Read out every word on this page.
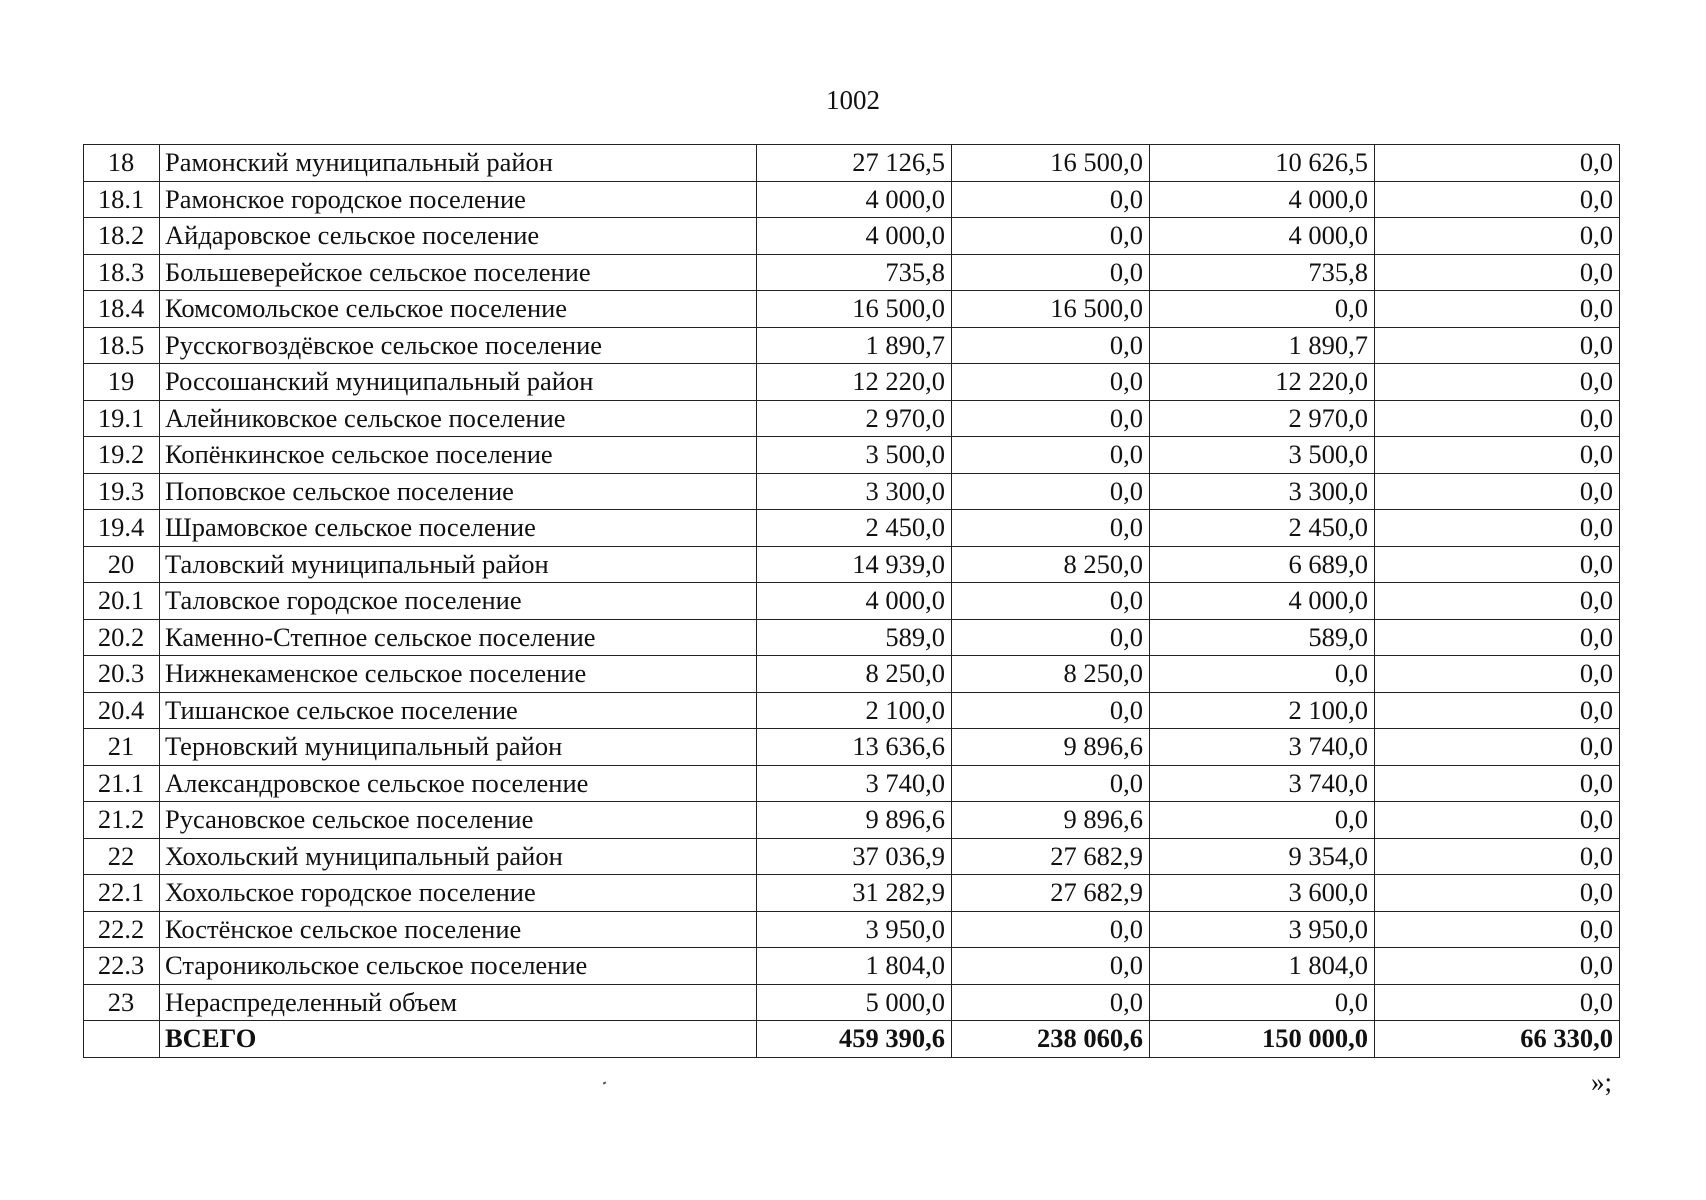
1002
18	Рамонский муниципальный район	27 126,5	16 500,0	10 626,5	0,0
18.1	Рамонское городское поселение	4 000,0	0,0	4 000,0	0,0
18.2	Айдаровское сельское поселение	4 000,0	0,0	4 000,0	0,0
18.3	Большеверейское сельское поселение	735,8	0,0	735,8	0,0
18.4	Комсомольское сельское поселение	16 500,0	16 500,0	0,0	0,0
18.5	Русскогвоздёвское сельское поселение	1 890,7	0,0	1 890,7	0,0
19	Россошанский муниципальный район	12 220,0	0,0	12 220,0	0,0
19.1	Алейниковское сельское поселение	2 970,0	0,0	2 970,0	0,0
19.2	Копёнкинское сельское поселение	3 500,0	0,0	3 500,0	0,0
19.3	Поповское сельское поселение	3 300,0	0,0	3 300,0	0,0
19.4	Шрамовское сельское поселение	2 450,0	0,0	2 450,0	0,0
20	Таловский муниципальный район	14 939,0	8 250,0	6 689,0	0,0
20.1	Таловское городское поселение	4 000,0	0,0	4 000,0	0,0
20.2	Каменно-Степное сельское поселение	589,0	0,0	589,0	0,0
20.3	Нижнекаменское сельское поселение	8 250,0	8 250,0	0,0	0,0
20.4	Тишанское сельское поселение	2 100,0	0,0	2 100,0	0,0
21	Терновский муниципальный район	13 636,6	9 896,6	3 740,0	0,0
21.1	Александровское сельское поселение	3 740,0	0,0	3 740,0	0,0
21.2	Русановское сельское поселение	9 896,6	9 896,6	0,0	0,0
22	Хохольский муниципальный район	37 036,9	27 682,9	9 354,0	0,0
22.1	Хохольское городское поселение	31 282,9	27 682,9	3 600,0	0,0
22.2	Костёнское сельское поселение	3 950,0	0,0	3 950,0	0,0
22.3	Староникольское сельское поселение	1 804,0	0,0	1 804,0	0,0
23	Нераспределенный объем	5 000,0	0,0	0,0	0,0
	ВСЕГО	459 390,6	238 060,6	150 000,0	66 330,0
»;
